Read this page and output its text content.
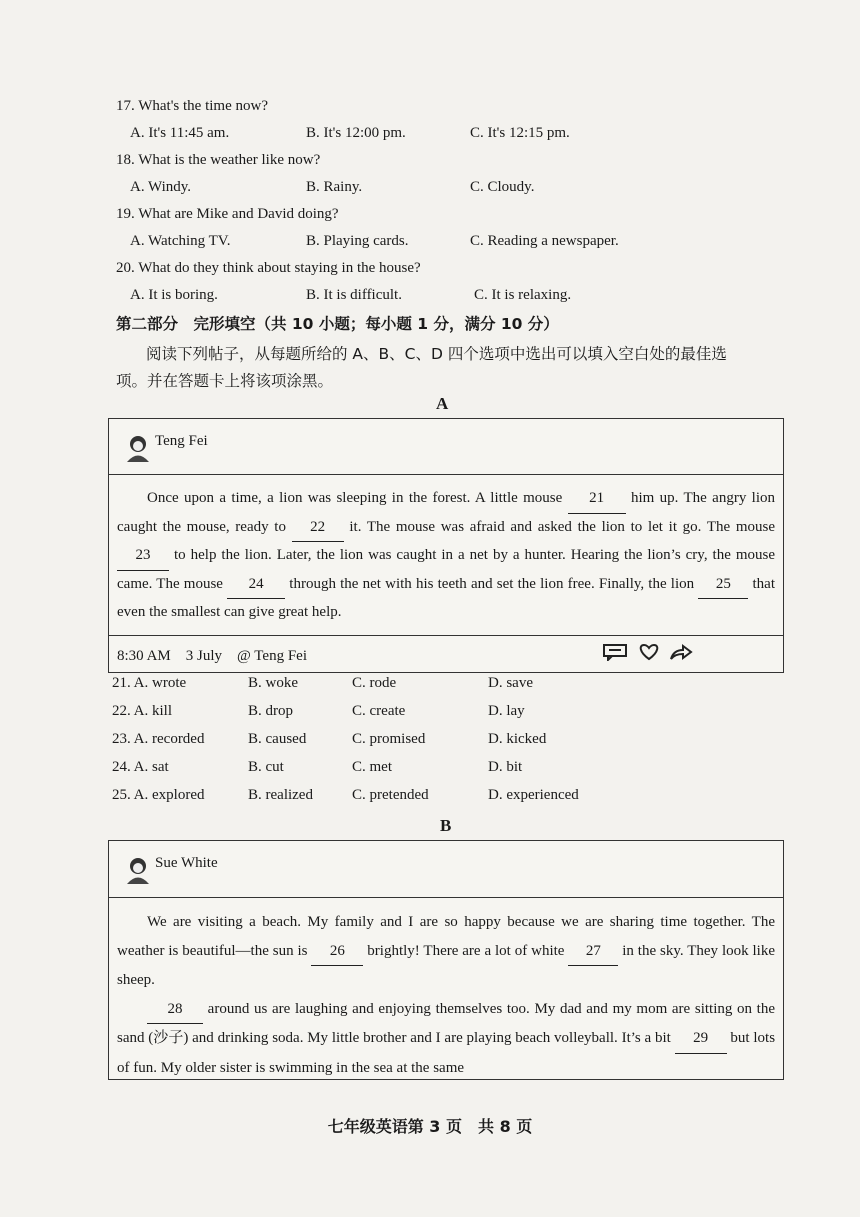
17. What's the time now?
A. It's 11:45 am.	B. It's 12:00 pm.	C. It's 12:15 pm.
18. What is the weather like now?
A. Windy.	B. Rainy.	C. Cloudy.
19. What are Mike and David doing?
A. Watching TV.	B. Playing cards.	C. Reading a newspaper.
20. What do they think about staying in the house?
A. It is boring.	B. It is difficult.	C. It is relaxing.
第二部分　完形填空（共 10 小题；每小题 1 分，满分 10 分）
阅读下列帖子，从每题所给的 A、B、C、D 四个选项中选出可以填入空白处的最佳选
项。并在答题卡上将该项涂黑。
A
Teng Fei
Once upon a time, a lion was sleeping in the forest. A little mouse 21 him up. The angry lion caught the mouse, ready to 22 it. The mouse was afraid and asked the lion to let it go. The mouse 23 to help the lion. Later, the lion was caught in a net by a hunter. Hearing the lion’s cry, the mouse came. The mouse 24 through the net with his teeth and set the lion free. Finally, the lion 25 that even the smallest can give great help.
8:30 AM　3 July　@ Teng Fei
21. A. wrote	B. woke	C. rode	D. save
22. A. kill	B. drop	C. create	D. lay
23. A. recorded	B. caused	C. promised	D. kicked
24. A. sat	B. cut	C. met	D. bit
25. A. explored	B. realized	C. pretended	D. experienced
B
Sue White
We are visiting a beach. My family and I are so happy because we are sharing time together. The weather is beautiful—the sun is 26 brightly! There are a lot of white 27 in the sky. They look like sheep.
28 around us are laughing and enjoying themselves too. My dad and my mom are sitting on the sand (沙子) and drinking soda. My little brother and I are playing beach volleyball. It’s a bit 29 but lots of fun. My older sister is swimming in the sea at the same
七年级英语第 3 页　共 8 页
